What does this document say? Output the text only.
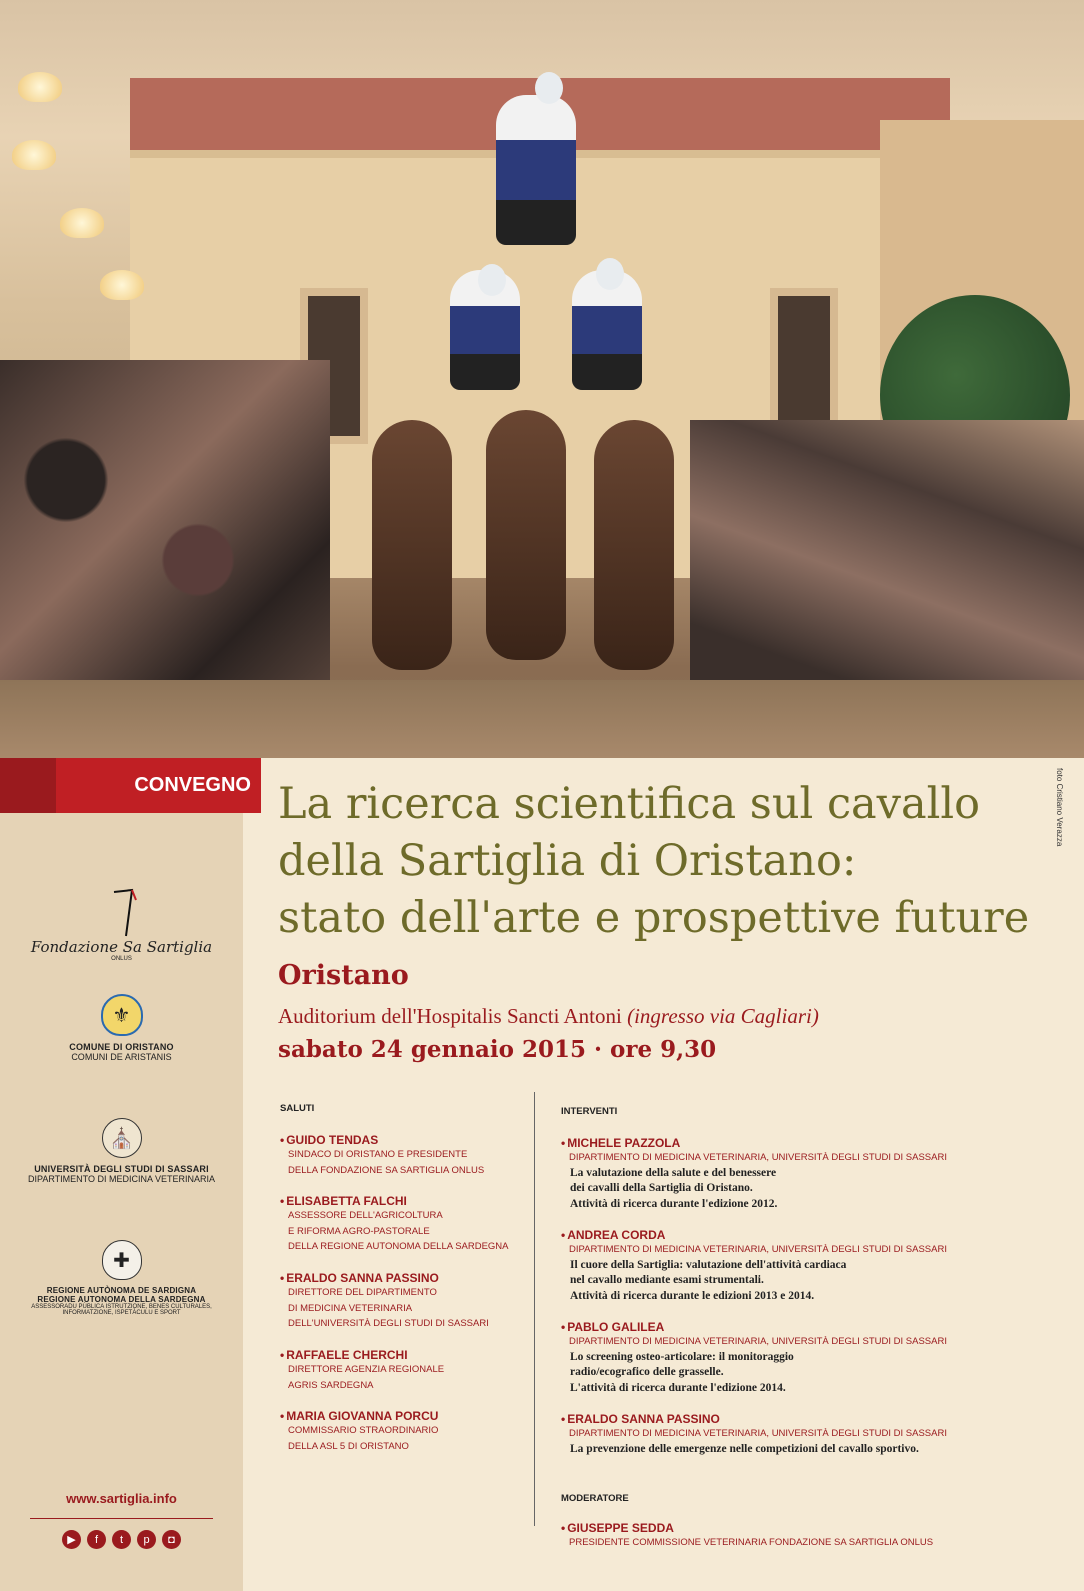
foto Cristiano Verazza
CONVEGNO
Fondazione Sa Sartiglia
ONLUS
⚜
COMUNE DI ORISTANO
COMUNI DE ARISTANIS
⛪
UNIVERSITÀ DEGLI STUDI DI SASSARI
DIPARTIMENTO DI MEDICINA VETERINARIA
✚
REGIONE AUTÒNOMA DE SARDIGNA
REGIONE AUTONOMA DELLA SARDEGNA
ASSESSORADU PÙBLICA ISTRUTZIONE, BENES CULTURALES,
INFORMATZIONE, ISPETÀCULU E SPORT
www.sartiglia.info
▶	f	t	p	◘
La ricerca scientifica sul cavallo
della Sartiglia di Oristano:
stato dell'arte e prospettive future
Oristano
Auditorium dell'Hospitalis Sancti Antoni (ingresso via Cagliari)
sabato 24 gennaio 2015 · ore 9,30
SALUTI
• GUIDO TENDAS
SINDACO DI ORISTANO E PRESIDENTE
DELLA FONDAZIONE SA SARTIGLIA ONLUS
• ELISABETTA FALCHI
ASSESSORE DELL'AGRICOLTURA
E RIFORMA AGRO-PASTORALE
DELLA REGIONE AUTONOMA DELLA SARDEGNA
• ERALDO SANNA PASSINO
DIRETTORE DEL DIPARTIMENTO
DI MEDICINA VETERINARIA
DELL'UNIVERSITÀ DEGLI STUDI DI SASSARI
• RAFFAELE CHERCHI
DIRETTORE AGENZIA REGIONALE
AGRIS SARDEGNA
• MARIA GIOVANNA PORCU
COMMISSARIO STRAORDINARIO
DELLA ASL 5 DI ORISTANO
INTERVENTI
• MICHELE PAZZOLA
DIPARTIMENTO DI MEDICINA VETERINARIA, UNIVERSITÀ DEGLI STUDI DI SASSARI
La valutazione della salute e del benessere
dei cavalli della Sartiglia di Oristano.
Attività di ricerca durante l'edizione 2012.
• ANDREA CORDA
DIPARTIMENTO DI MEDICINA VETERINARIA, UNIVERSITÀ DEGLI STUDI DI SASSARI
Il cuore della Sartiglia: valutazione dell'attività cardiaca
nel cavallo mediante esami strumentali.
Attività di ricerca durante le edizioni 2013 e 2014.
• PABLO GALILEA
DIPARTIMENTO DI MEDICINA VETERINARIA, UNIVERSITÀ DEGLI STUDI DI SASSARI
Lo screening osteo-articolare: il monitoraggio
radio/ecografico delle grasselle.
L'attività di ricerca durante l'edizione 2014.
• ERALDO SANNA PASSINO
DIPARTIMENTO DI MEDICINA VETERINARIA, UNIVERSITÀ DEGLI STUDI DI SASSARI
La prevenzione delle emergenze nelle competizioni del cavallo sportivo.
MODERATORE
• GIUSEPPE SEDDA
PRESIDENTE COMMISSIONE VETERINARIA FONDAZIONE SA SARTIGLIA ONLUS
